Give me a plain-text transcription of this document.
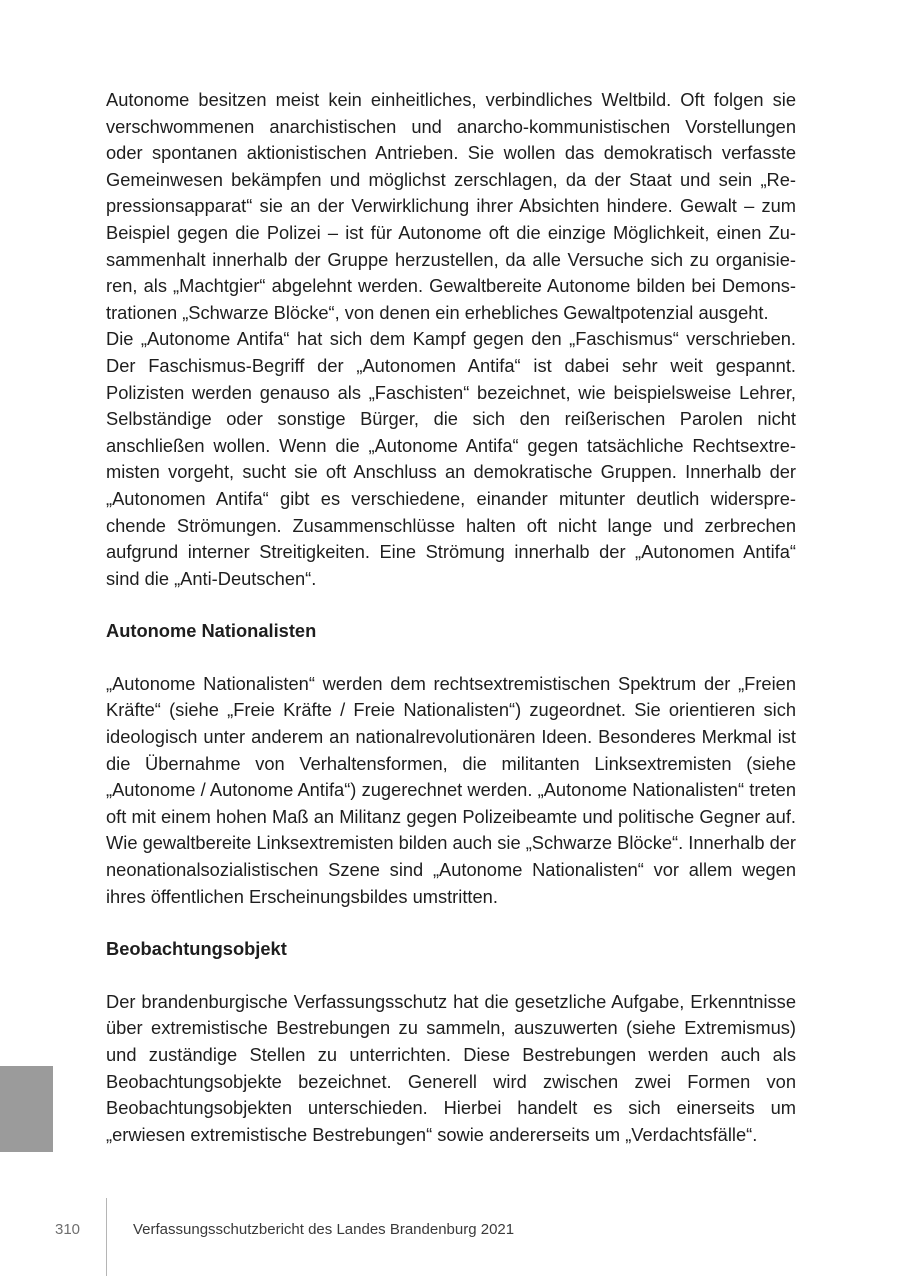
Autonome besitzen meist kein einheitliches, verbindliches Weltbild. Oft folgen sie verschwommenen anarchistischen und anarcho-kommunistischen Vorstellungen oder spontanen aktionistischen Antrieben. Sie wollen das demokratisch verfasste Gemeinwesen bekämpfen und möglichst zerschlagen, da der Staat und sein „Repressionsapparat“ sie an der Verwirklichung ihrer Absichten hindere. Gewalt – zum Beispiel gegen die Polizei – ist für Autonome oft die einzige Möglichkeit, einen Zusammenhalt innerhalb der Gruppe herzustellen, da alle Versuche sich zu organisieren, als „Machtgier“ abgelehnt werden. Gewaltbereite Autonome bilden bei Demonstrationen „Schwarze Blöcke“, von denen ein erhebliches Gewaltpotenzial ausgeht.

Die „Autonome Antifa“ hat sich dem Kampf gegen den „Faschismus“ verschrieben. Der Faschismus-Begriff der „Autonomen Antifa“ ist dabei sehr weit gespannt. Polizisten werden genauso als „Faschisten“ bezeichnet, wie beispielsweise Lehrer, Selbständige oder sonstige Bürger, die sich den reißerischen Parolen nicht anschließen wollen. Wenn die „Autonome Antifa“ gegen tatsächliche Rechtsextremisten vorgeht, sucht sie oft Anschluss an demokratische Gruppen. Innerhalb der „Autonomen Antifa“ gibt es verschiedene, einander mitunter deutlich widersprechende Strömungen. Zusammenschlüsse halten oft nicht lange und zerbrechen aufgrund interner Streitigkeiten. Eine Strömung innerhalb der „Autonomen Antifa“ sind die „Anti-Deutschen“.

Autonome Nationalisten

„Autonome Nationalisten“ werden dem rechtsextremistischen Spektrum der „Freien Kräfte“ (siehe „Freie Kräfte / Freie Nationalisten“) zugeordnet. Sie orientieren sich ideologisch unter anderem an nationalrevolutionären Ideen. Besonderes Merkmal ist die Übernahme von Verhaltensformen, die militanten Linksextremisten (siehe „Autonome / Autonome Antifa“) zugerechnet werden. „Autonome Nationalisten“ treten oft mit einem hohen Maß an Militanz gegen Polizeibeamte und politische Gegner auf. Wie gewaltbereite Linksextremisten bilden auch sie „Schwarze Blöcke“. Innerhalb der neonationalsozialistischen Szene sind „Autonome Nationalisten“ vor allem wegen ihres öffentlichen Erscheinungsbildes umstritten.

Beobachtungsobjekt

Der brandenburgische Verfassungsschutz hat die gesetzliche Aufgabe, Erkenntnisse über extremistische Bestrebungen zu sammeln, auszuwerten (siehe Extremismus) und zuständige Stellen zu unterrichten. Diese Bestrebungen werden auch als Beobachtungsobjekte bezeichnet. Generell wird zwischen zwei Formen von Beobachtungsobjekten unterschieden. Hierbei handelt es sich einerseits um „erwiesen extremistische Bestrebungen“ sowie andererseits um „Verdachtsfälle“.

310	Verfassungsschutzbericht des Landes Brandenburg 2021
